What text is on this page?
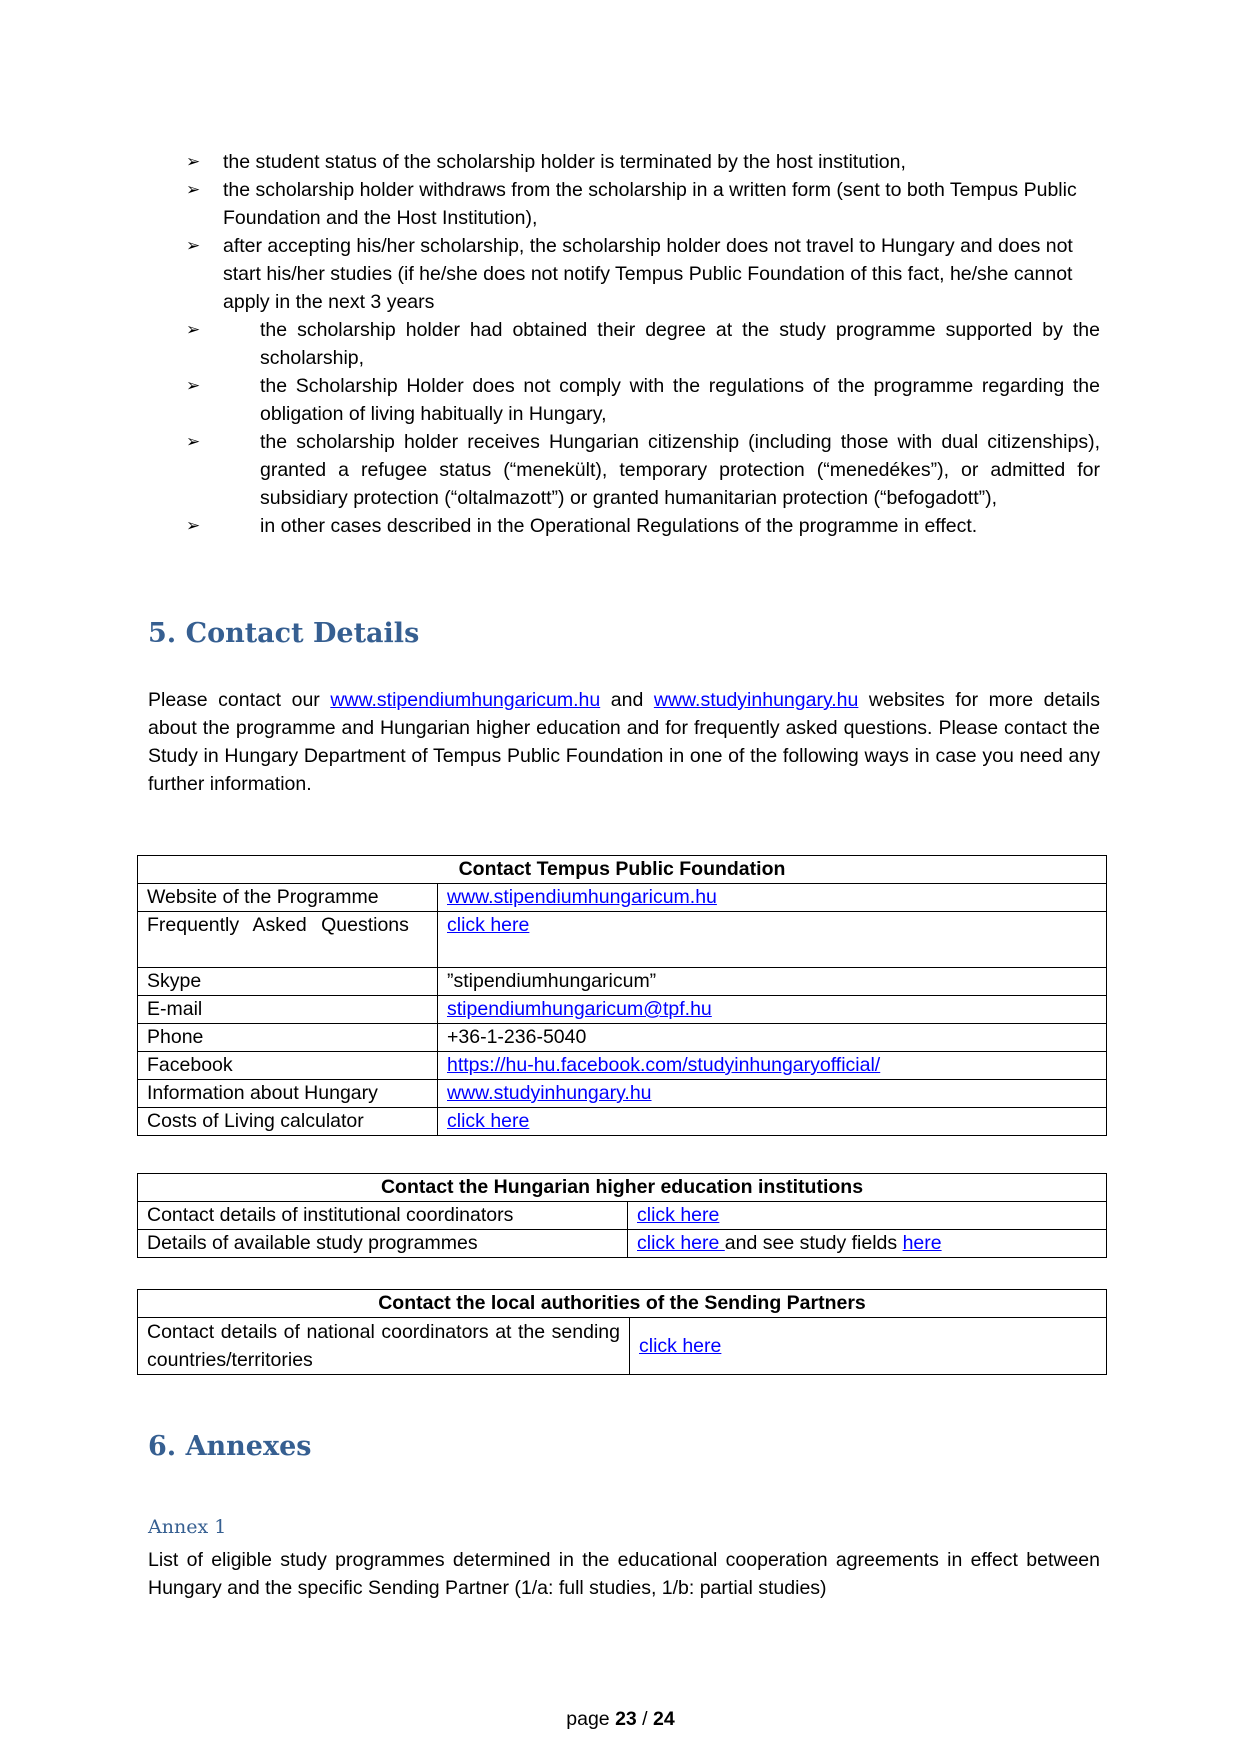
➢ the student status of the scholarship holder is terminated by the host institution,
➢ the scholarship holder withdraws from the scholarship in a written form (sent to both Tempus Public Foundation and the Host Institution),
➢ after accepting his/her scholarship, the scholarship holder does not travel to Hungary and does not start his/her studies (if he/she does not notify Tempus Public Foundation of this fact, he/she cannot apply in the next 3 years
➢	the scholarship holder had obtained their degree at the study programme supported by the scholarship,
➢	the Scholarship Holder does not comply with the regulations of the programme regarding the obligation of living habitually in Hungary,
➢	the scholarship holder receives Hungarian citizenship (including those with dual citizenships), granted a refugee status (“menekült), temporary protection (“menedékes”), or admitted for subsidiary protection (“oltalmazott”) or granted humanitarian protection (“befogadott”),
➢	in other cases described in the Operational Regulations of the programme in effect.
5. Contact Details

Please contact our www.stipendiumhungaricum.hu and www.studyinhungary.hu websites for more details about the programme and Hungarian higher education and for frequently asked questions. Please contact the Study in Hungary Department of Tempus Public Foundation in one of the following ways in case you need any further information.

Contact Tempus Public Foundation	
Website of the Programme	www.stipendiumhungaricum.hu
Frequently Asked Questions	click here
Skype	”stipendiumhungaricum”
E-mail	stipendiumhungaricum@tpf.hu
Phone	+36-1-236-5040
Facebook	https://hu-hu.facebook.com/studyinhungaryofficial/
Information about Hungary	www.studyinhungary.hu
Costs of Living calculator	click here
Contact the Hungarian higher education institutions	
Contact details of institutional coordinators	click here
Details of available study programmes	click here and see study fields here
Contact the local authorities of the Sending Partners
Contact details of national coordinators at the sending countries/territories	click here
6. Annexes
Annex 1

List of eligible study programmes determined in the educational cooperation agreements in effect between Hungary and the specific Sending Partner (1/a: full studies, 1/b: partial studies)

page 23 / 24
